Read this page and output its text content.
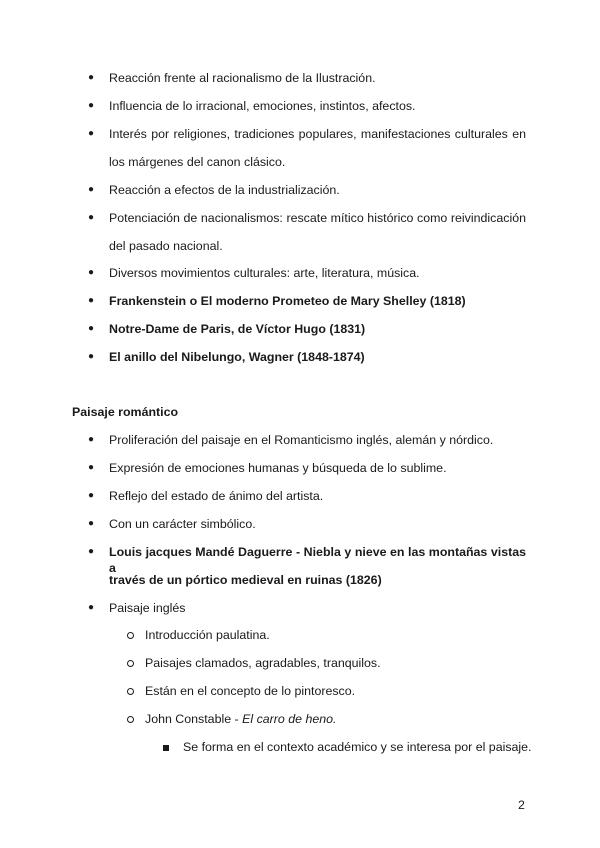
● Reacción frente al racionalismo de la Ilustración.
● Influencia de lo irracional, emociones, instintos, afectos.
● Interés por religiones, tradiciones populares, manifestaciones culturales en
los márgenes del canon clásico.
● Reacción a efectos de la industrialización.
● Potenciación de nacionalismos: rescate mítico histórico como reivindicación
del pasado nacional.
● Diversos movimientos culturales: arte, literatura, música.
● Frankenstein o El moderno Prometeo de Mary Shelley (1818)
● Notre-Dame de Paris, de Víctor Hugo (1831)
● El anillo del Nibelungo, Wagner (1848-1874)
Paisaje romántico
● Proliferación del paisaje en el Romanticismo inglés, alemán y nórdico.
● Expresión de emociones humanas y búsqueda de lo sublime.
● Reflejo del estado de ánimo del artista.
● Con un carácter simbólico.
● Louis jacques Mandé Daguerre - Niebla y nieve en las montañas vistas a
través de un pórtico medieval en ruinas (1826)
● Paisaje inglés
Introducción paulatina.
Paisajes clamados, agradables, tranquilos.
Están en el concepto de lo pintoresco.
John Constable - El carro de heno.
Se forma en el contexto académico y se interesa por el paisaje.
2
